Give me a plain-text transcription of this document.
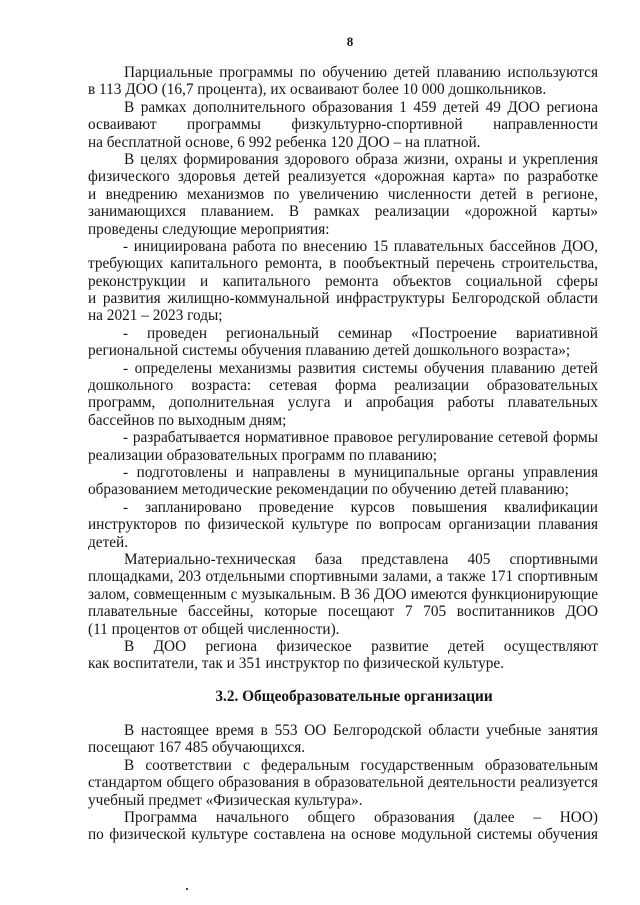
8
Парциальные программы по обучению детей плаванию используются
в 113 ДОО (16,7 процента), их осваивают более 10 000 дошкольников.
В рамках дополнительного образования 1 459 детей 49 ДОО региона
осваивают программы физкультурно-спортивной направленности
на бесплатной основе, 6 992 ребенка 120 ДОО – на платной.
В целях формирования здорового образа жизни, охраны и укрепления
физического здоровья детей реализуется «дорожная карта» по разработке
и внедрению механизмов по увеличению численности детей в регионе,
занимающихся плаванием. В рамках реализации «дорожной карты»
проведены следующие мероприятия:
- инициирована работа по внесению 15 плавательных бассейнов ДОО,
требующих капитального ремонта, в пообъектный перечень строительства,
реконструкции и капитального ремонта объектов социальной сферы
и развития жилищно-коммунальной инфраструктуры Белгородской области
на 2021 – 2023 годы;
- проведен региональный семинар «Построение вариативной
региональной системы обучения плаванию детей дошкольного возраста»;
- определены механизмы развития системы обучения плаванию детей
дошкольного возраста: сетевая форма реализации образовательных
программ, дополнительная услуга и апробация работы плавательных
бассейнов по выходным дням;
- разрабатывается нормативное правовое регулирование сетевой формы
реализации образовательных программ по плаванию;
- подготовлены и направлены в муниципальные органы управления
образованием методические рекомендации по обучению детей плаванию;
- запланировано проведение курсов повышения квалификации
инструкторов по физической культуре по вопросам организации плавания
детей.
Материально-техническая база представлена 405 спортивными
площадками, 203 отдельными спортивными залами, а также 171 спортивным
залом, совмещенным с музыкальным. В 36 ДОО имеются функционирующие
плавательные бассейны, которые посещают 7 705 воспитанников ДОО
(11 процентов от общей численности).
В ДОО региона физическое развитие детей осуществляют
как воспитатели, так и 351 инструктор по физической культуре.
3.2. Общеобразовательные организации
В настоящее время в 553 ОО Белгородской области учебные занятия
посещают 167 485 обучающихся.
В соответствии с федеральным государственным образовательным
стандартом общего образования в образовательной деятельности реализуется
учебный предмет «Физическая культура».
Программа начального общего образования (далее – НОО)
по физической культуре составлена на основе модульной системы обучения
